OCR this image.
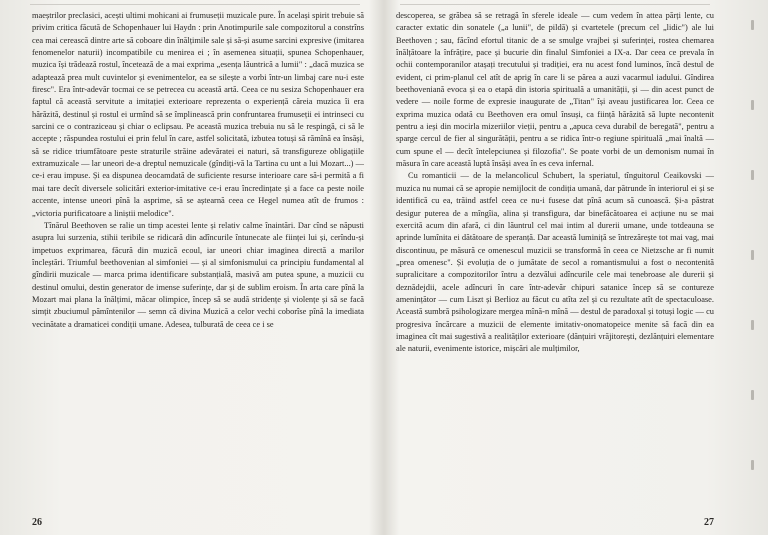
maeștrilor preclasici, acești ultimi mohicani ai frumuseții muzicale pure. În același spirit trebuie să privim critica făcută de Schopenhauer lui Haydn : prin Anotimpurile sale compozitorul a constrîns cea mai cerească dintre arte să coboare din înălțimile sale și să-și asume sarcini expresive (imitarea fenomenelor naturii) incompatibile cu menirea ei ; în asemenea situații, spunea Schopenhauer, muzica își trădează rostul, încetează de a mai exprima „esența lăuntrică a lumii" : „dacă muzica se adaptează prea mult cuvintelor și evenimentelor, ea se silește a vorbi într-un limbaj care nu-i este firesc". Era într-adevăr tocmai ce se petrecea cu această artă. Ceea ce nu sesiza Schopenhauer era faptul că această servitute a imitației exterioare reprezenta o experiență căreia muzica îi era hărăzită, destinul și rostul ei urmînd să se împlinească prin confruntarea frumuseții ei intrinseci cu sarcini ce o contraziceau și chiar o eclipsau. Pe această muzica trebuia nu să le respingă, ci să le accepte ; răspundea rostului ei prin felul în care, astfel solicitată, izbutea totuși să rămînă ea însăși, să se ridice triumfătoare peste straturile străine adevăratei ei naturi, să transfigureze obligațiile extramuzicale — lar uneori de-a dreptul nemuzicale (gîndiți-vă la Tartina cu unt a lui Mozart...) — ce-i erau impuse. Și ea dispunea deocamdată de suficiente resurse interioare care să-i permită a fi mai tare decît diversele solicitări exterior-imitative ce-i erau încredințate și a face ca peste noile accente, intense uneori pînă la asprime, să se aștearnă ceea ce Hegel numea atît de frumos : „victoria purificatoare a liniștii melodice".

Tînărul Beethoven se ralie un timp acestei lente și relativ calme înaintări. Dar cînd se năpusti asupra lui surzenia, stihii teribile se ridicară din adîncurile întunecate ale ființei lui și, cerîndu-și impetuos exprimarea, făcură din muzică ecoul, iar uneori chiar imaginea directă a marilor încleștări. Triumful beethovenian al simfoniei — și al simfonismului ca principiu fundamental al gîndirii muzicale — marca prima identificare substanțială, masivă am putea spune, a muzicii cu destinul omului, destin generator de imense suferințe, dar și de sublim eroism. În arta care pînă la Mozart mai plana la înălțimi, măcar olimpice, încep să se audă stridențe și violențe și să se facă simțit zbuciumul pămîntenilor — semn că divina Muzică a celor vechi coborîse pînă la imediata vecinătate a dramaticei condiții umane. Adesea, tulburată de ceea ce i se

26

descoperea, se grăbea să se retragă în sferele ideale — cum vedem în attea părți lente, cu caracter extatic din sonatele („a lunii", de pildă) și cvartetele (precum cel „lidic") ale lui Beethoven ; sau, făcînd efortul titanic de a se smulge vrajbei și suferinței, rostea chemarea înălțătoare la înfrățire, pace și bucurie din finalul Simfoniei a IX-a. Dar ceea ce prevala în ochii contemporanilor atașați trecutului și tradiției, era nu acest fond luminos, încă destul de evident, ci prim-planul cel atît de aprig în care li se părea a auzi vacarmul iadului. Gîndirea beethoveniană evoca și ea o etapă din istoria spirituală a umanității, și — din acest punct de vedere — noile forme de expresie inaugurate de „Titan" își aveau justificarea lor. Ceea ce exprima muzica odată cu Beethoven era omul însuși, ca ființă hărăzită să lupte necontenit pentru a ieși din mocirla mizeriilor vieții, pentru a „apuca ceva durabil de beregată", pentru a sparge cercul de fier al singurătății, pentru a se ridica într-o regiune spirituală „mai înaltă — cum spune el — decît întelepciunea și filozofia". Se poate vorbi de un demonism numai în măsura în care această luptă însăși avea în es ceva infernal.

Cu romanticii — de la melancolicul Schubert, la speriatul, tînguitorul Ceaikovski — muzica nu numai că se apropie nemijlocit de condiția umană, dar pătrunde în interiorul ei și se identifică cu ea, trăind astfel ceea ce nu-i fusese dat pînă acum să cunoască. Și-a păstrat desigur puterea de a mîngîia, alina și transfigura, dar binefăcătoarea ei acțiune nu se mai exercită acum din afară, ci din lăuntrul cel mai intim al durerii umane, unde totdeauna se aprinde lumînita ei dătătoare de speranță. Dar această luminiță se întrezărește tot mai vag, mai discontinuu, pe măsură ce omenescul muzicii se transformă în ceea ce Nietzsche ar fi numit „prea omenesc". Și evoluția de o jumătate de secol a romantismului a fost o necontenită supralicitare a compozitorilor întru a dezvălui adîncurile cele mai tenebroase ale durerii și deznădejdii, acele adîncuri în care într-adevăr chipuri satanice încep să se contureze amenințător — cum Liszt și Berlioz au făcut cu atîta zel și cu rezultate atît de spectaculoase. Această sumbră psihologizare mergea mînă-n mînă — destul de paradoxal și totuși logic — cu progresiva încărcare a muzicii de elemente imitativ-onomatopeice menite să facă din ea imaginea cît mai sugestivă a realităților exterioare (dănțuiri vrăjitorești, dezlănțuiri elementare ale naturii, evenimente istorice, mișcări ale mulțimilor,

27
